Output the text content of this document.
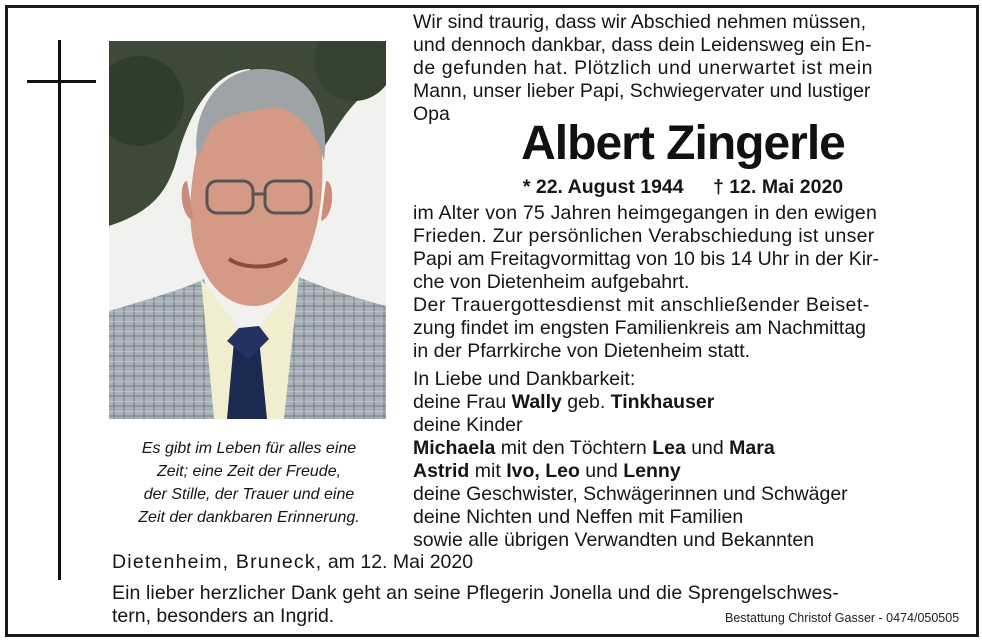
Es gibt im Leben für alles eine
Zeit; eine Zeit der Freude,
der Stille, der Trauer und eine
Zeit der dankbaren Erinnerung.
Wir sind traurig, dass wir Abschied nehmen müssen,
und dennoch dankbar, dass dein Leidensweg ein En-
de gefunden hat. Plötzlich und unerwartet ist mein
Mann, unser lieber Papi, Schwiegervater und lustiger
Opa
Albert Zingerle
* 22. August 1944 † 12. Mai 2020
im Alter von 75 Jahren heimgegangen in den ewigen
Frieden. Zur persönlichen Verabschiedung ist unser
Papi am Freitagvormittag von 10 bis 14 Uhr in der Kir-
che von Dietenheim aufgebahrt.
Der Trauergottesdienst mit anschließender Beiset-
zung findet im engsten Familienkreis am Nachmittag
in der Pfarrkirche von Dietenheim statt.
In Liebe und Dankbarkeit:
deine Frau Wally geb. Tinkhauser
deine Kinder
Michaela mit den Töchtern Lea und Mara
Astrid mit Ivo, Leo und Lenny
deine Geschwister, Schwägerinnen und Schwäger
deine Nichten und Neffen mit Familien
sowie alle übrigen Verwandten und Bekannten
Dietenheim, Bruneck, am 12. Mai 2020
Ein lieber herzlicher Dank geht an seine Pflegerin Jonella und die Sprengelschwes-
tern, besonders an Ingrid.	Bestattung Christof Gasser - 0474/050505
